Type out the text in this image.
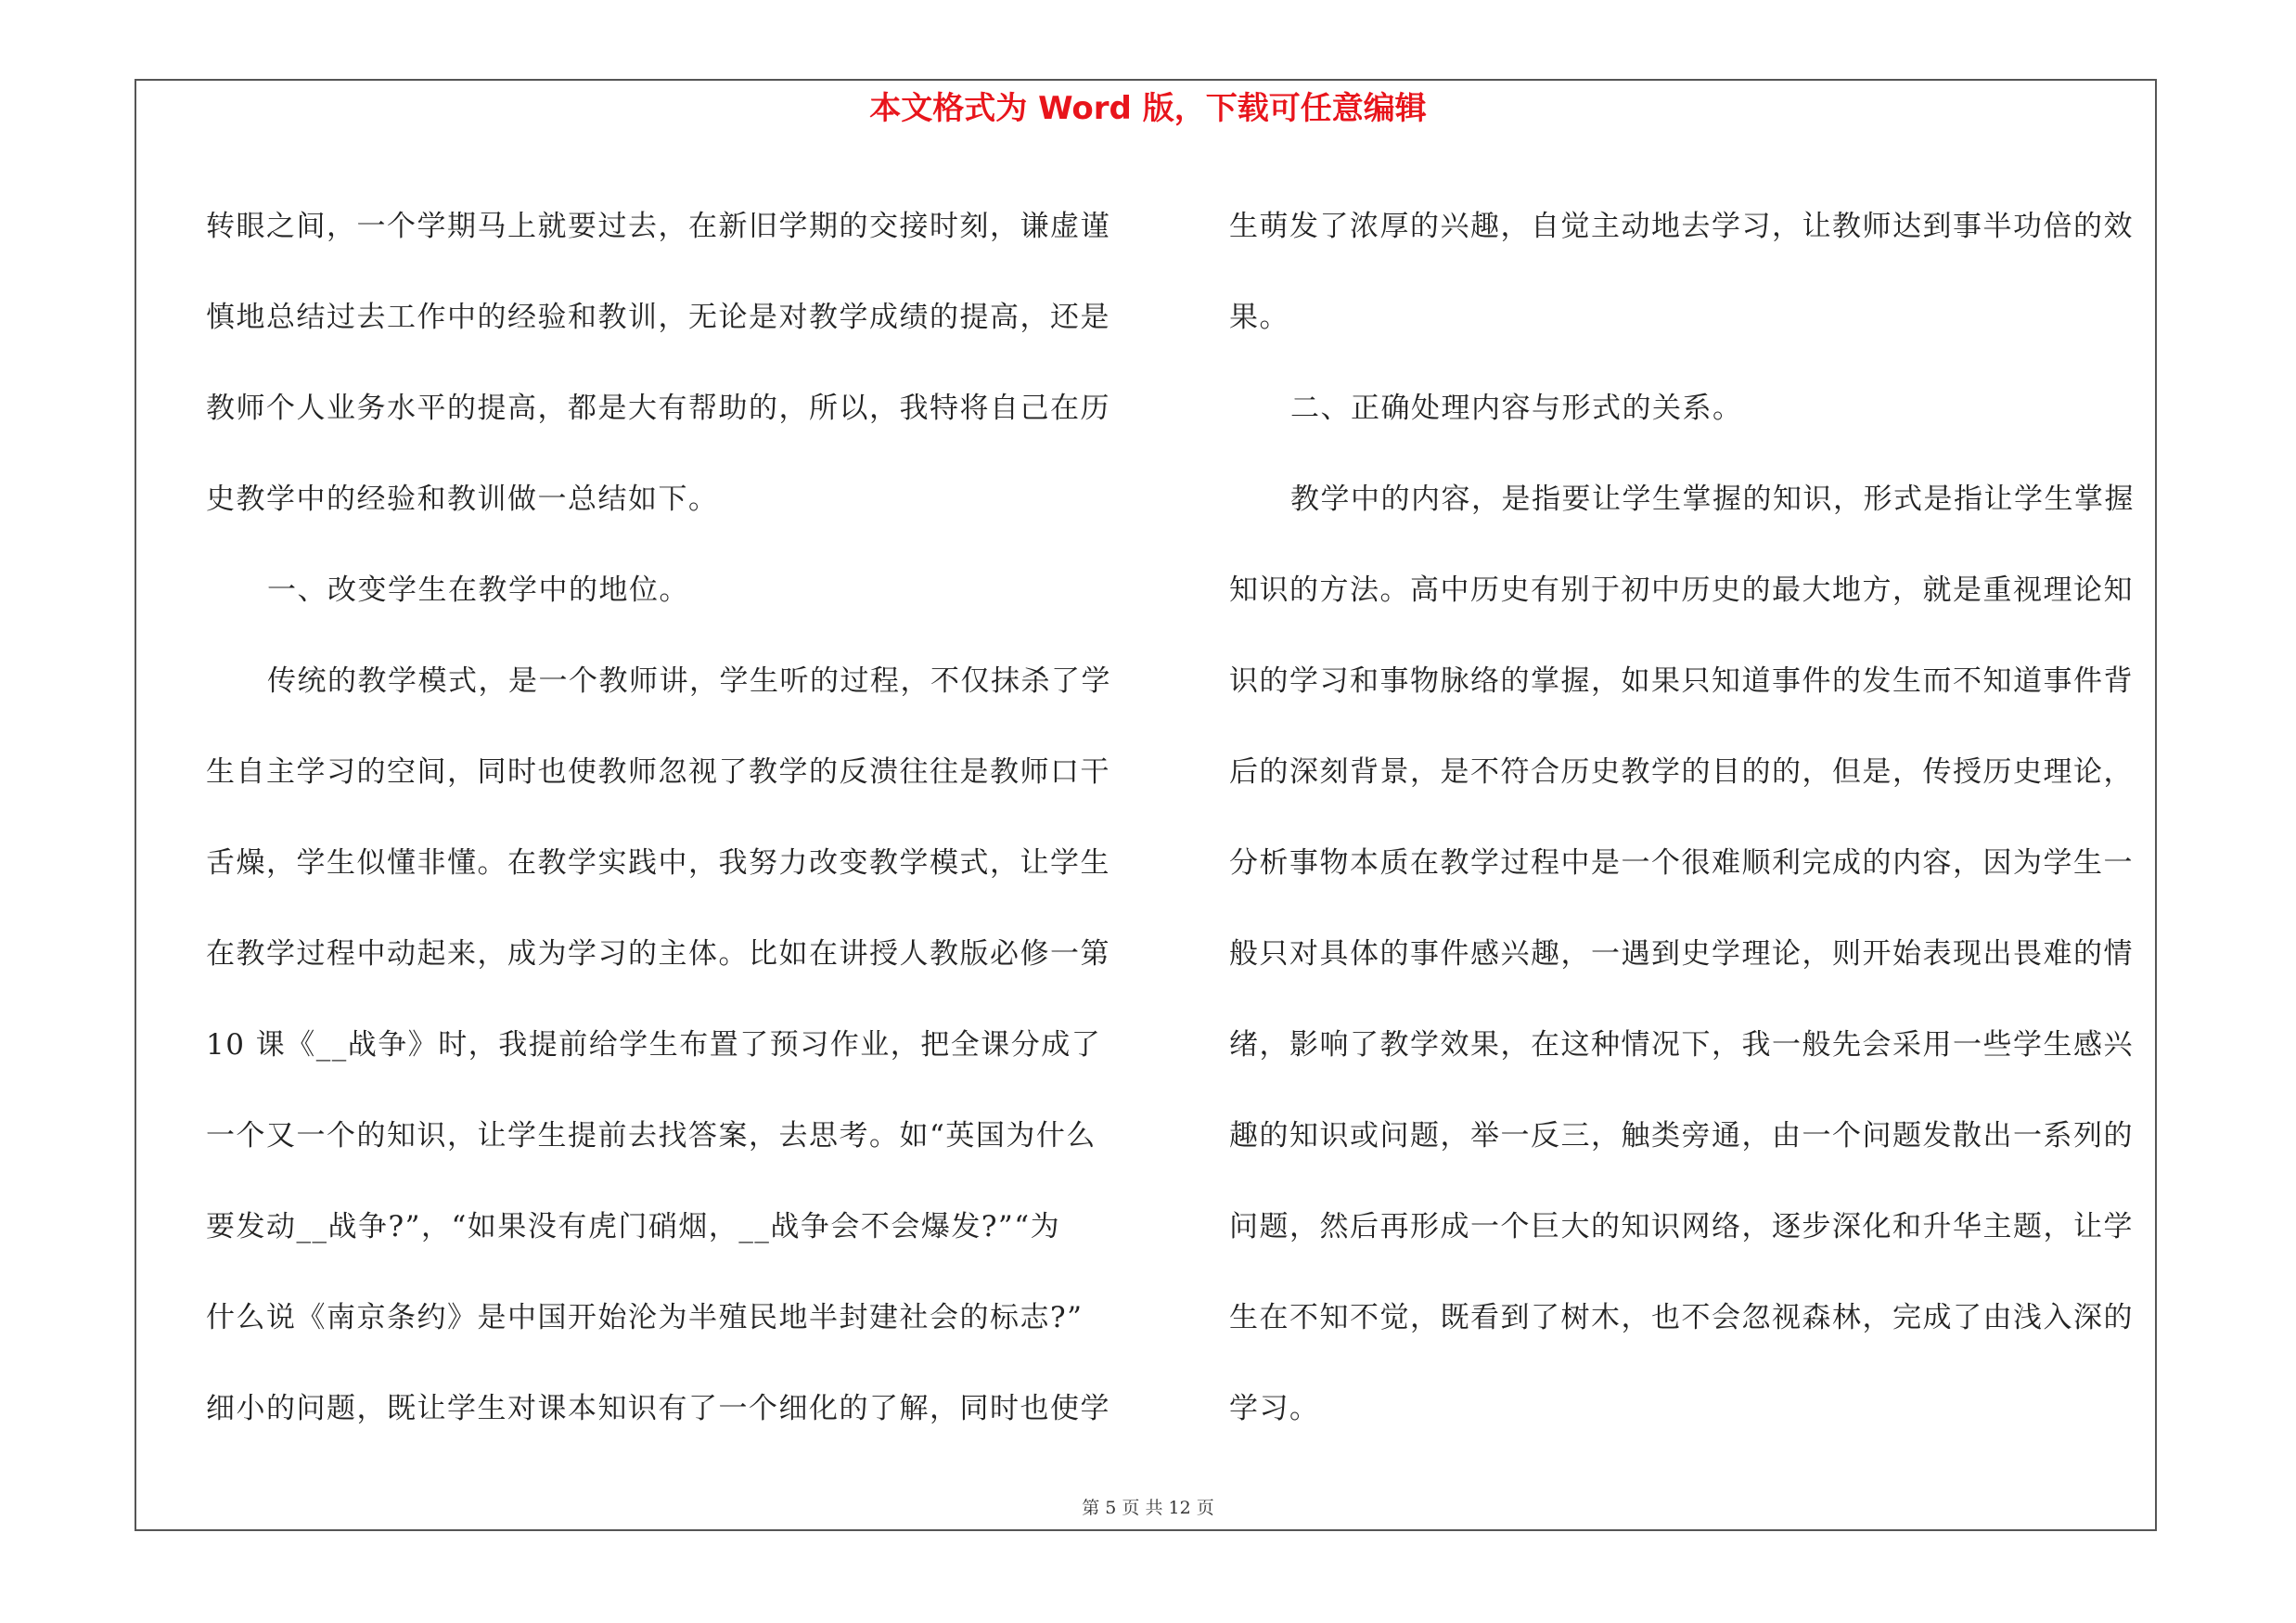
本文格式为 Word 版，下载可任意编辑

转眼之间，一个学期马上就要过去，在新旧学期的交接时刻，谦虚谨
慎地总结过去工作中的经验和教训，无论是对教学成绩的提高，还是
教师个人业务水平的提高，都是大有帮助的，所以，我特将自己在历
史教学中的经验和教训做一总结如下。
一、改变学生在教学中的地位。
传统的教学模式，是一个教师讲，学生听的过程，不仅抹杀了学
生自主学习的空间，同时也使教师忽视了教学的反溃往往是教师口干
舌燥，学生似懂非懂。在教学实践中，我努力改变教学模式，让学生
在教学过程中动起来，成为学习的主体。比如在讲授人教版必修一第
10 课《__战争》时，我提前给学生布置了预习作业，把全课分成了
一个又一个的知识，让学生提前去找答案，去思考。如“英国为什么
要发动__战争?”，“如果没有虎门硝烟，__战争会不会爆发?”“为
什么说《南京条约》是中国开始沦为半殖民地半封建社会的标志?”
细小的问题，既让学生对课本知识有了一个细化的了解，同时也使学

生萌发了浓厚的兴趣，自觉主动地去学习，让教师达到事半功倍的效
果。
二、正确处理内容与形式的关系。
教学中的内容，是指要让学生掌握的知识，形式是指让学生掌握
知识的方法。高中历史有别于初中历史的最大地方，就是重视理论知
识的学习和事物脉络的掌握，如果只知道事件的发生而不知道事件背
后的深刻背景，是不符合历史教学的目的的，但是，传授历史理论，
分析事物本质在教学过程中是一个很难顺利完成的内容，因为学生一
般只对具体的事件感兴趣，一遇到史学理论，则开始表现出畏难的情
绪，影响了教学效果，在这种情况下，我一般先会采用一些学生感兴
趣的知识或问题，举一反三，触类旁通，由一个问题发散出一系列的
问题，然后再形成一个巨大的知识网络，逐步深化和升华主题，让学
生在不知不觉，既看到了树木，也不会忽视森林，完成了由浅入深的
学习。

第 5 页 共 12 页
